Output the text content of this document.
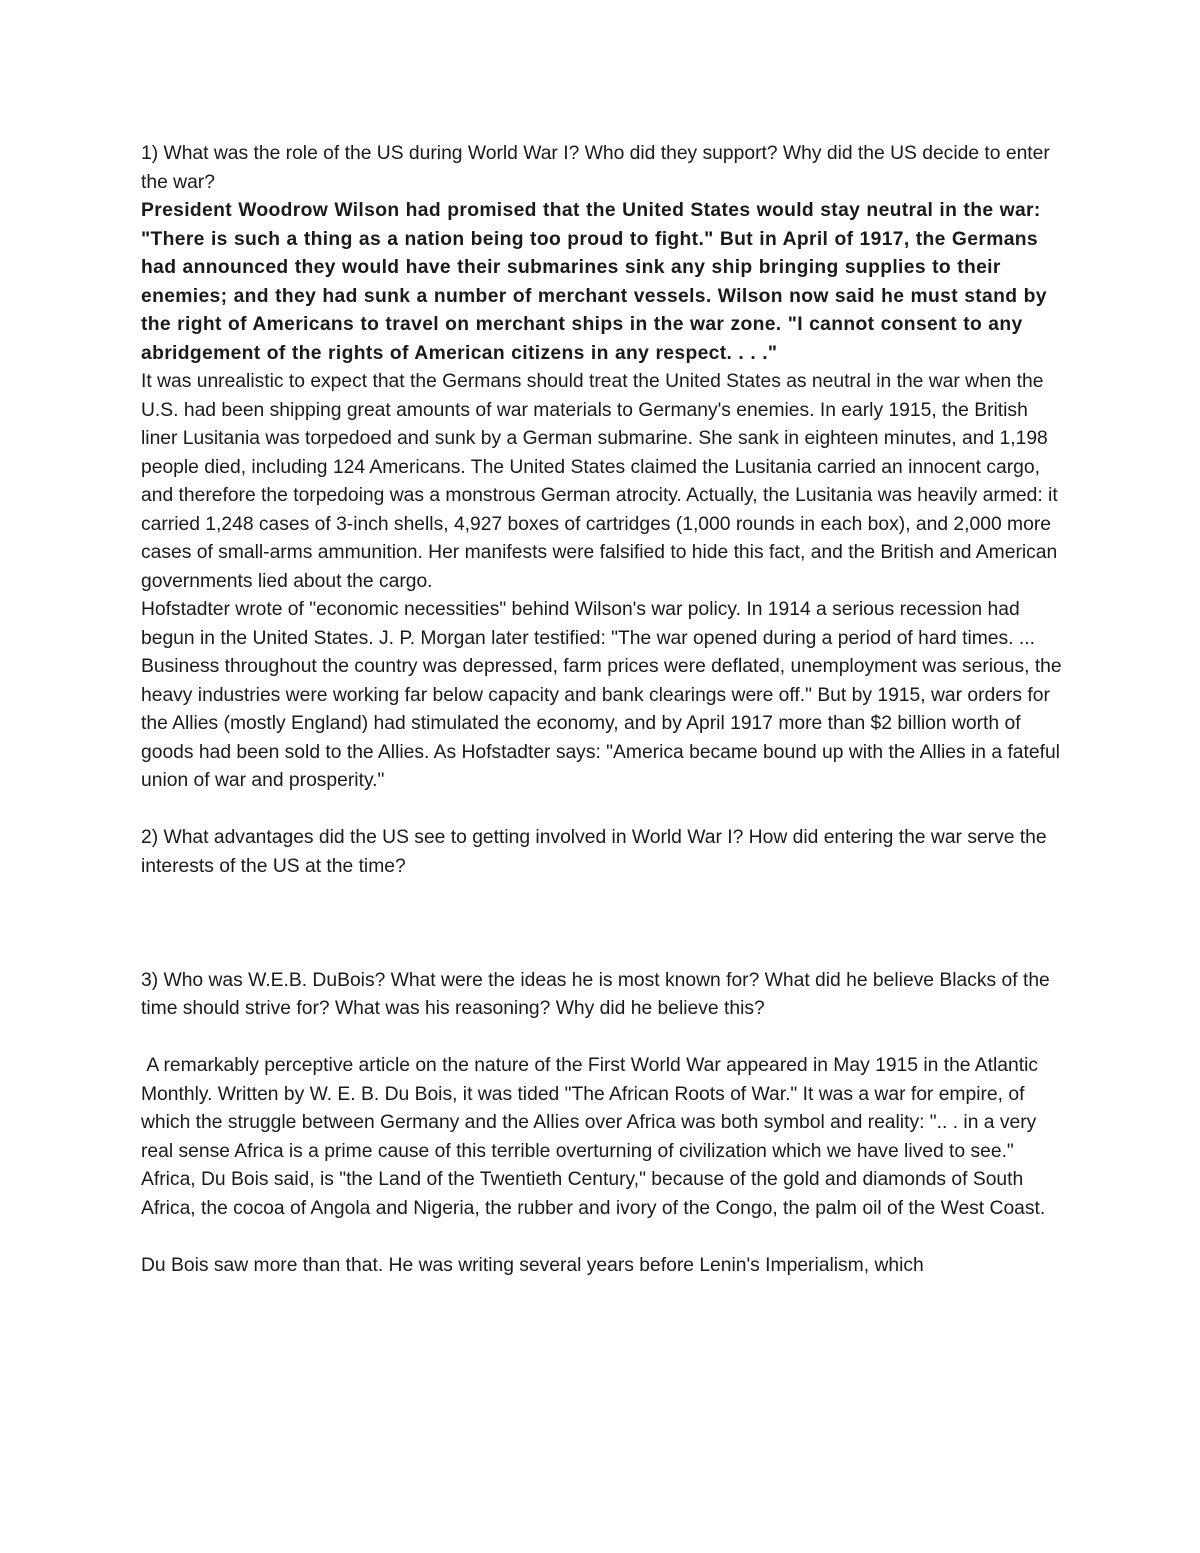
1) What was the role of the US during World War I? Who did they support? Why did the US decide to enter the war?

President Woodrow Wilson had promised that the United States would stay neutral in the war: "There is such a thing as a nation being too proud to fight." But in April of 1917, the Germans had announced they would have their submarines sink any ship bringing supplies to their enemies; and they had sunk a number of merchant vessels. Wilson now said he must stand by the right of Americans to travel on merchant ships in the war zone. "I cannot consent to any abridgement of the rights of American citizens in any respect. . . ."

It was unrealistic to expect that the Germans should treat the United States as neutral in the war when the U.S. had been shipping great amounts of war materials to Germany's enemies. In early 1915, the British liner Lusitania was torpedoed and sunk by a German submarine. She sank in eighteen minutes, and 1,198 people died, including 124 Americans. The United States claimed the Lusitania carried an innocent cargo, and therefore the torpedoing was a monstrous German atrocity. Actually, the Lusitania was heavily armed: it carried 1,248 cases of 3-inch shells, 4,927 boxes of cartridges (1,000 rounds in each box), and 2,000 more cases of small-arms ammunition. Her manifests were falsified to hide this fact, and the British and American governments lied about the cargo.

Hofstadter wrote of "economic necessities" behind Wilson's war policy. In 1914 a serious recession had begun in the United States. J. P. Morgan later testified: "The war opened during a period of hard times. ... Business throughout the country was depressed, farm prices were deflated, unemployment was serious, the heavy industries were working far below capacity and bank clearings were off." But by 1915, war orders for the Allies (mostly England) had stimulated the economy, and by April 1917 more than $2 billion worth of goods had been sold to the Allies. As Hofstadter says: "America became bound up with the Allies in a fateful union of war and prosperity."

2) What advantages did the US see to getting involved in World War I? How did entering the war serve the interests of the US at the time?

3) Who was W.E.B. DuBois? What were the ideas he is most known for? What did he believe Blacks of the time should strive for? What was his reasoning? Why did he believe this?

A remarkably perceptive article on the nature of the First World War appeared in May 1915 in the Atlantic Monthly. Written by W. E. B. Du Bois, it was tided "The African Roots of War." It was a war for empire, of which the struggle between Germany and the Allies over Africa was both symbol and reality: ".. . in a very real sense Africa is a prime cause of this terrible overturning of civilization which we have lived to see." Africa, Du Bois said, is "the Land of the Twentieth Century," because of the gold and diamonds of South Africa, the cocoa of Angola and Nigeria, the rubber and ivory of the Congo, the palm oil of the West Coast.

Du Bois saw more than that. He was writing several years before Lenin's Imperialism, which
